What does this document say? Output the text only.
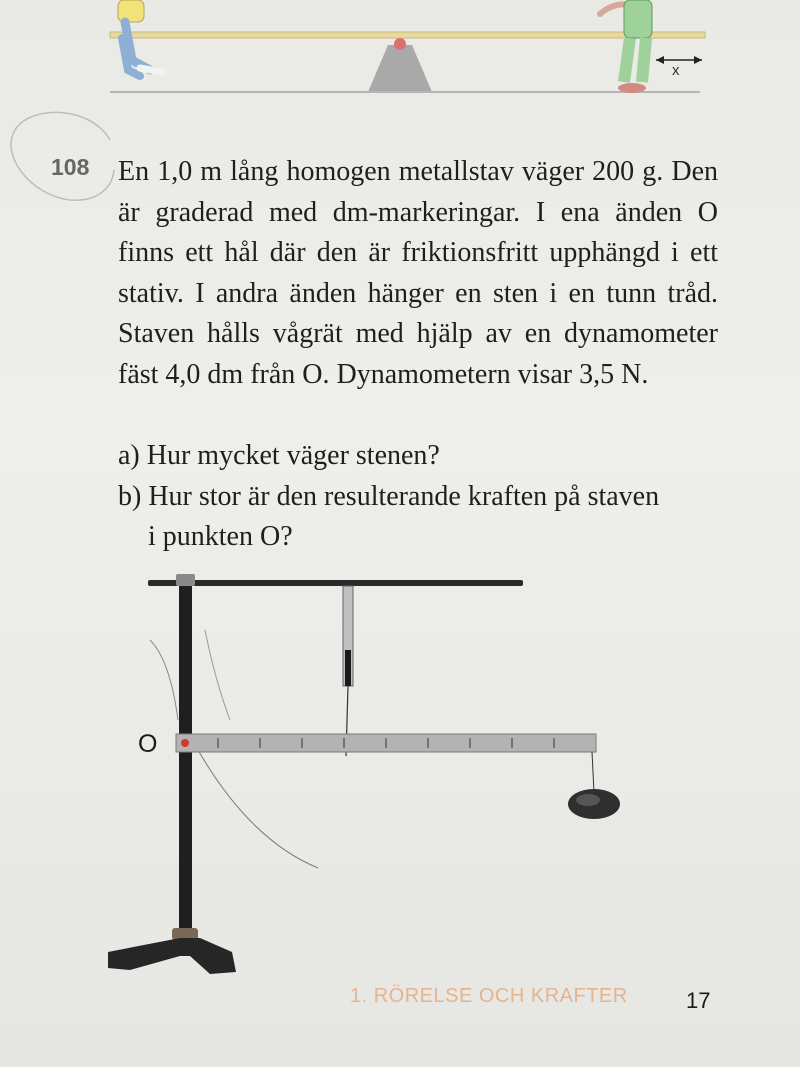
x
108 En 1,0 m lång homogen metallstav väger 200 g. Den är graderad med dm-markeringar. I ena änden O finns ett hål där den är friktionsfritt upphängd i ett stativ. I andra änden hänger en sten i en tunn tråd. Staven hålls vågrät med hjälp av en dynamometer fäst 4,0 dm från O. Dynamometern visar 3,5 N.
a) Hur mycket väger stenen?
b) Hur stor är den resulterande kraften på staven
i punkten O?
O
1. RÖRELSE OCH KRAFTER	17
